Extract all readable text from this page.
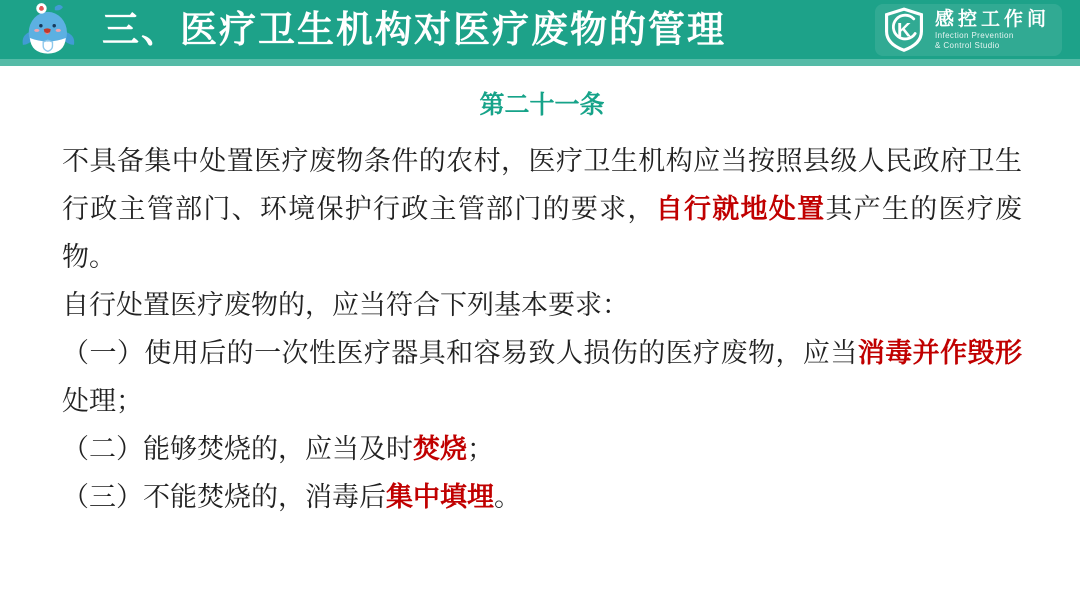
三、医疗卫生机构对医疗废物的管理	K 感控工作间
Infection Prevention
& Control Studio
第二十一条

不具备集中处置医疗废物条件的农村，医疗卫生机构应当按照县级人民政府卫生行政主管部门、环境保护行政主管部门的要求，自行就地处置其产生的医疗废物。

自行处置医疗废物的，应当符合下列基本要求：

（一）使用后的一次性医疗器具和容易致人损伤的医疗废物，应当消毒并作毁形处理；

（二）能够焚烧的，应当及时焚烧；

（三）不能焚烧的，消毒后集中填埋。
